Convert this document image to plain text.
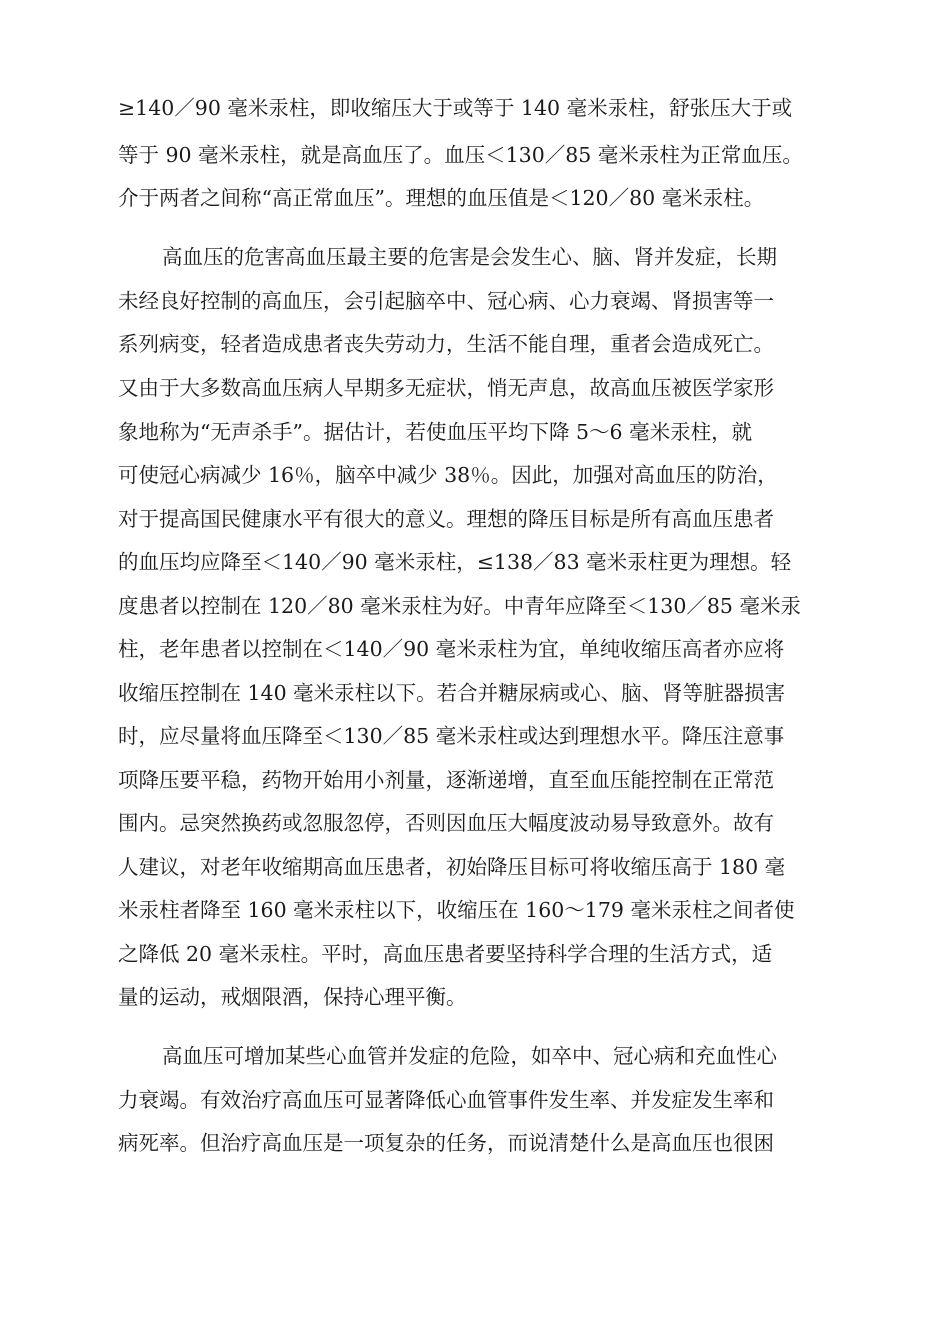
≥140／90 毫米汞柱，即收缩压大于或等于 140 毫米汞柱，舒张压大于或

等于 90 毫米汞柱，就是高血压了。血压＜130／85 毫米汞柱为正常血压。

介于两者之间称“高正常血压”。理想的血压值是＜120／80 毫米汞柱。

高血压的危害高血压最主要的危害是会发生心、脑、肾并发症，长期

未经良好控制的高血压，会引起脑卒中、冠心病、心力衰竭、肾损害等一

系列病变，轻者造成患者丧失劳动力，生活不能自理，重者会造成死亡。

又由于大多数高血压病人早期多无症状，悄无声息，故高血压被医学家形

象地称为“无声杀手”。据估计，若使血压平均下降 5～6 毫米汞柱，就

可使冠心病减少 16％，脑卒中减少 38％。因此，加强对高血压的防治，

对于提高国民健康水平有很大的意义。理想的降压目标是所有高血压患者

的血压均应降至＜140／90 毫米汞柱，≤138／83 毫米汞柱更为理想。轻

度患者以控制在 120／80 毫米汞柱为好。中青年应降至＜130／85 毫米汞

柱，老年患者以控制在＜140／90 毫米汞柱为宜，单纯收缩压高者亦应将

收缩压控制在 140 毫米汞柱以下。若合并糖尿病或心、脑、肾等脏器损害

时，应尽量将血压降至＜130／85 毫米汞柱或达到理想水平。降压注意事

项降压要平稳，药物开始用小剂量，逐渐递增，直至血压能控制在正常范

围内。忌突然换药或忽服忽停，否则因血压大幅度波动易导致意外。故有

人建议，对老年收缩期高血压患者，初始降压目标可将收缩压高于 180 毫

米汞柱者降至 160 毫米汞柱以下，收缩压在 160～179 毫米汞柱之间者使

之降低 20 毫米汞柱。平时，高血压患者要坚持科学合理的生活方式，适

量的运动，戒烟限酒，保持心理平衡。

高血压可增加某些心血管并发症的危险，如卒中、冠心病和充血性心

力衰竭。有效治疗高血压可显著降低心血管事件发生率、并发症发生率和

病死率。但治疗高血压是一项复杂的任务，而说清楚什么是高血压也很困
